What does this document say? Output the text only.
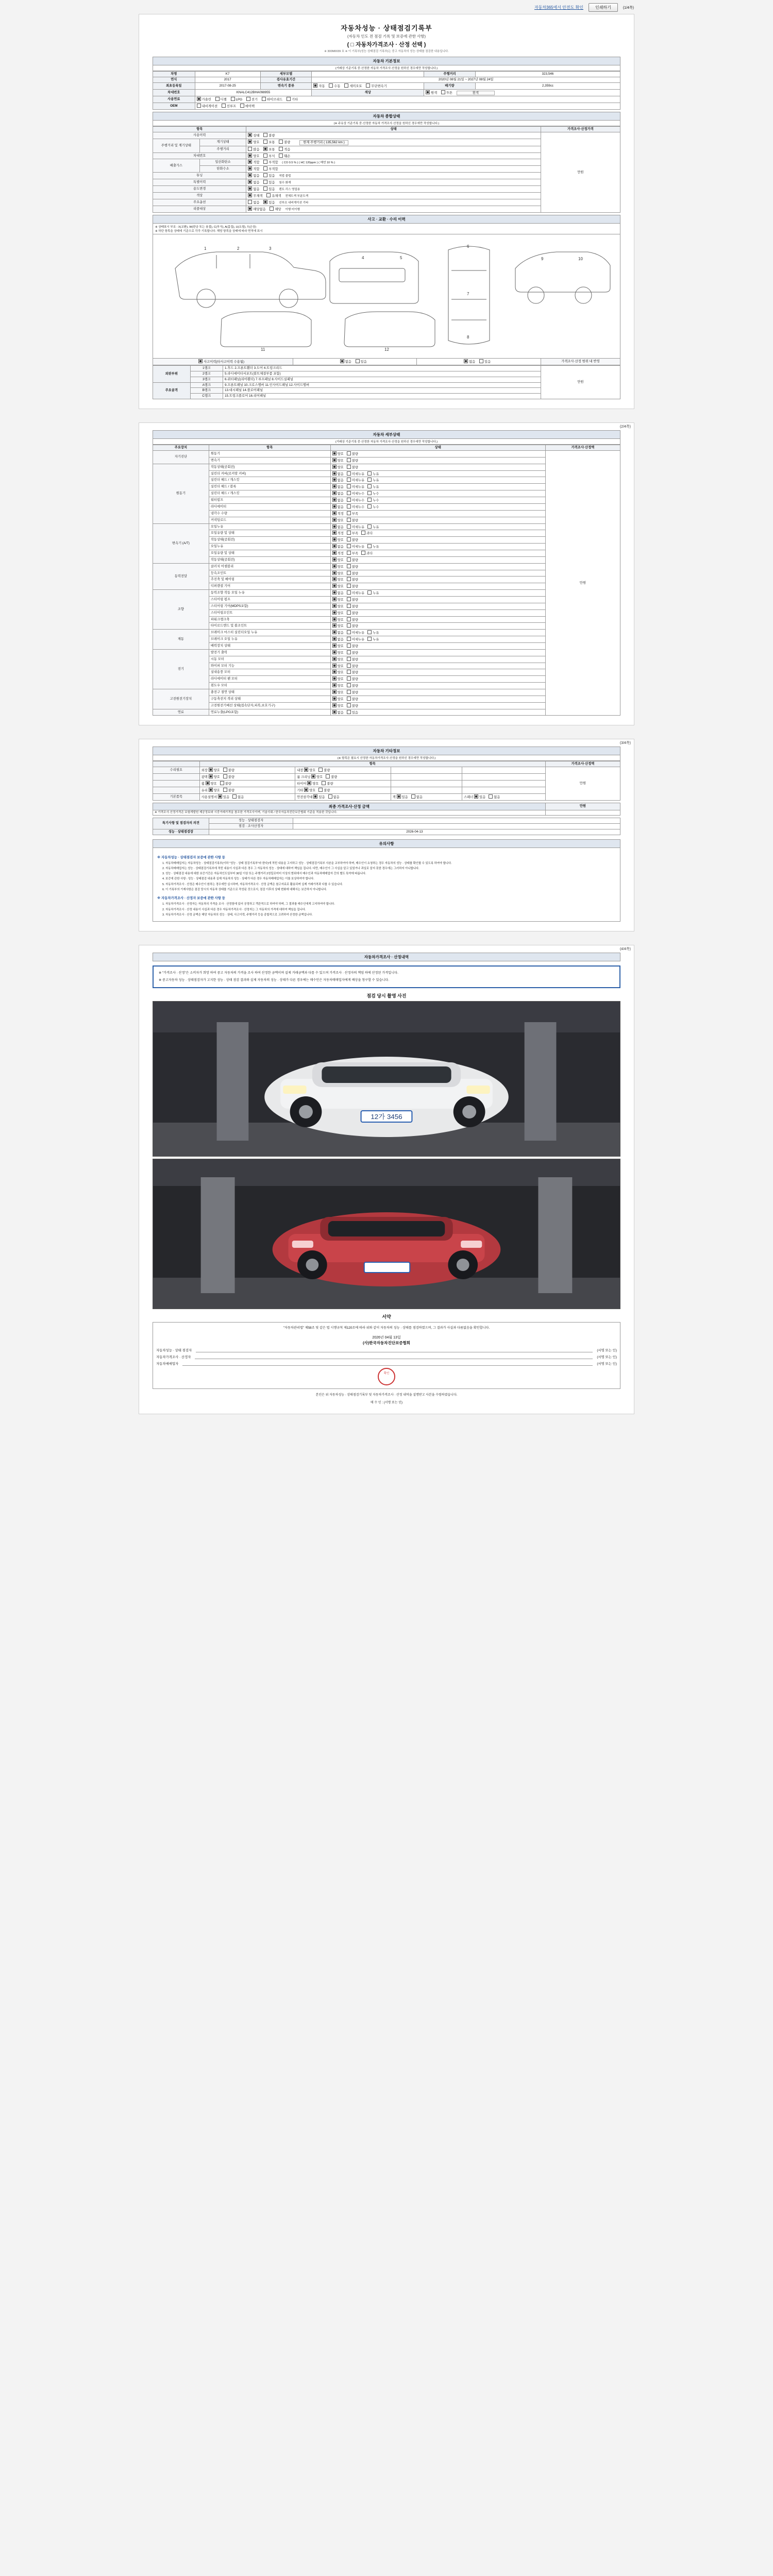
자동차365에서 안전도 확인	인쇄하기	(1/4쪽)
자동차성능 · 상태점검기록부
(자동차 인도 전 점검 기록 및 보증에 관한 사항)
( □ 자동차가격조사 · 산정 선택 )
※ 300M0039 호 ※ 이 기록부(성능·상태점검 기록부)는 중고 자동차의 성능·상태를 점검한 내용입니다.
자동차 기본정보
(거래상 기준기록 중·산정한 자동차 가격조사·산정을 원하신 경우에만 작성합니다.)
차명	K7	세부모델		주행거리	323,546
연식	2017	검사유효기간	2020년 08월 21일 ~ 2027년 08월 24일		
최초등록일	2017-08-25	변속기 종류	자동 수동 세미오토 무단변속기	배기량	2,359cc
차대번호	KNALC412BHA098955		색상	원색 투톤 흰색	
사용연료	가솔린 디젤 LPG 전기 하이브리드 기타				
OEM	내비게이션 선루프 에어백				
자동차 종합상태
(※ 주유상 기준기록 중·산정한 자동차 가격조사·산정을 원하신 경우에만 작성합니다.)
항목		상태	가격조사·산정가격
사용이력		상태 불량	만원
주행거리 및 계기상태	계기상태	양호 보통 불량 현재 주행거리 ( 135,562 km )	
	주행거리	많음 보통 적음	
차대번호		양호 부식 훼손	
배출가스	일산화탄소	적합 부적합 ( CO 0.5 % ) ( HC 120ppm ) ( 매연 10 % )	
	탄화수소	적합 부적합	
튜닝		없음 있음 적법 불법	
특별이력		없음 있음 침수 화재	
용도변경		없음 있음 렌트 리스 영업용	
색상		무채색 유채색 전체도색 부분도색	
주요옵션		없음 있음 선루프 내비게이션 기타	
리콜대상		해당없음 해당 이행 미이행	
사고 · 교환 · 수리 이력
※ 상태표시 부호 : X(교환), W(판금 또는 용접), C(부식), A(흠집), U(요철), T(손상)
※ 하단 항목을 상태에 기준으로 각각 기록합니다. 해당 항목을 상태에 따라 면적에 표시
1	2	3
4	5
6
7
8
9	10
11	12
사고이력(타사고이력 수용됨)	없음	있음	없음	있음	가격조사·산정 범위 내 반영
외판부위	1랭크	1.후드 2.프론트휀더 3.도어 4.트렁크리드	만원
	2랭크	5.라디에이터서포트(볼트체결부품 포함)	
	3랭크	6.쿼터패널(리어휀더) 7.루프패널 8.사이드실패널	
주요골격	A랭크	9.프론트패널 10.크로스멤버 11.인사이드패널 12.사이드멤버	
	B랭크	13.대시패널 14.플로어패널	
	C랭크	15.트렁크플로어 16.리어패널	
(2/4쪽)
자동차 세부상태
(거래상 기준기록 중·산정한 자동차 가격조사·산정을 원하신 경우에만 작성합니다.)
주요장치	항목	상태	가격조사·산정액
자기진단	원동기	양호 불량	만원
	변속기	양호 불량	
원동기	작동상태(공회전)	양호 불량	
	실린더 커버(로커암 커버)	없음 미세누유 누유	
	실린더 헤드 / 개스킷	없음 미세누유 누유	
	실린더 헤드 / 블록	없음 미세누유 누유	
	실린더 헤드 / 개스킷	없음 미세누수 누수	
	워터펌프	없음 미세누수 누수	
	라디에이터	없음 미세누수 누수	
	냉각수 수량	적정 부족	
	커넥팅로드	양호 불량	
변속기 (A/T)	오일누유	없음 미세누유 누유	
	오일유량 및 상태	적정 부족 과다	
	작동상태(공회전)	양호 불량	
	오일누유	없음 미세누유 누유	
	오일유량 및 상태	적정 부족 과다	
	작동상태(공회전)	양호 불량	
동력전달	클러치 어셈블리	양호 불량	
	등속조인트	양호 불량	
	추진축 및 베어링	양호 불량	
	디퍼렌셜 기어	양호 불량	
조향	동력조향 작동 오일 누유	없음 미세누유 누유	
	스티어링 펌프	양호 불량	
	스티어링 기어(MDPS포함)	양호 불량	
	스티어링조인트	양호 불량	
	파워크랭크축	양호 불량	
	타이로드엔드 및 볼조인트	양호 불량	
제동	브레이크 마스터 실린더오일 누유	없음 미세누유 누유	
	브레이크 오일 누유	없음 미세누유 누유	
	배력장치 상태	양호 불량	
전기	발전기 출력	양호 불량	
	시동 모터	양호 불량	
	와이퍼 모터 기능	양호 불량	
	실내송풍 모터	양호 불량	
	라디에이터 팬 모터	양호 불량	
	윈도우 모터	양호 불량	
고전원전기장치	충전구 절연 상태	양호 불량	
	구동축전지 격리 상태	양호 불량	
	고전원전기배선 상태(접속단자,피복,보호기구)	양호 불량	
연료	연료누출(LPG포함)	없음 있음	
(3/4쪽)
자동차 기타정보
(※ 항목은 필요시 산정한 자동차가격조사·산정을 원하신 경우에만 작성합니다.)
	항목				가격조사·산정액
수리필요	외장 양호 불량	내장 양호 불량			만원
	광택 양호 불량	룸 크리닝 양호 불량			
	휠 양호 불량	타이어 양호 불량			
	유리 양호 불량	기타 양호 불량			
기본품목	사용설명서 있음 없음	안전삼각대 있음 없음	잭 있음 없음	스패너 있음 없음	
최종 가격조사·산정 금액	만원
※ 가격조사·산정가격은 보험개발원 제공정보와 시중거래가격을 참조한 가격조사이며, 기술사회 / 한국자동차진단보증협회 기준을 적용한 것입니다.	
특기사항 및 점검자의 의견	성능 · 상태점검자	
	점검 · 조사산정자	
성능 · 상태점검장	2026-04-13	
유의사항
※ 자동차성능 · 상태점검자 보증에 관한 사항 등

1. 자동차매매업자는 자동차성능 · 상태점검기록부(이하 "성능 · 상태 점검기록부"라 한다)에 적힌 내용을 고지하고 성능 · 상태점검기록부 사본을 교부하여야 하며, 매수인이 요청하는 경우 자동차의 성능 · 상태를 확인할 수 있도록 하여야 합니다.

2. 자동차매매업자는 성능 · 상태점검기록부에 적힌 내용이 사실과 다른 경우 그 자동차의 성능 · 상태에 대하여 책임을 집니다. 다만, 매수인이 그 사실을 알고 있었거나 과실로 알지 못한 경우에는 그러하지 아니합니다.

3. 성능 · 상태점검 내용에 대한 보증기간은 자동차인도일부터 30일 이상 또는 주행거리 2천킬로미터 이상의 범위에서 매수인과 자동차매매업자 간의 별도 특약에 따릅니다.

4. 보증에 관한 사항 : 성능 · 상태점검 내용과 실제 자동차의 성능 · 상태가 다른 경우 자동차매매업자는 이를 보상하여야 합니다.

5. 자동차가격조사 · 산정은 매수인이 원하는 경우에만 실시하며, 자동차가격조사 · 산정 금액은 참고자료로 활용되며 실제 거래가격과 다를 수 있습니다.

6. 이 기록부의 기재사항은 점검 당시의 자동차 상태를 기준으로 작성된 것으로서, 점검 이후의 상태 변화에 대해서는 보증하지 아니합니다.

※ 자동차가격조사 · 산정자 보증에 관한 사항 등

1. 자동차가격조사 · 산정자는 자동차의 가격을 조사 · 산정함에 있어 공정하고 객관적으로 하여야 하며, 그 결과를 매수인에게 고지하여야 합니다.

2. 자동차가격조사 · 산정 내용이 사실과 다른 경우 자동차가격조사 · 산정자는 그 자동차의 가격에 대하여 책임을 집니다.

3. 자동차가격조사 · 산정 금액은 해당 자동차의 성능 · 상태, 사고이력, 주행거리 등을 종합적으로 고려하여 산정한 금액입니다.

(4/4쪽)
자동차가격조사 · 산정내역
※ "가격조사 · 산정"은 소비자가 희망 하여 중고 자동차의 가격을 조사 하여 산정한 금액이며 실제 거래금액과 다를 수 있으며 가격조사 · 산정자의 책임 하에 산정된 가격입니다.
※ 중고자동차 성능 · 상태점검자가 고지한 성능 · 상태 점검 결과와 실제 자동차의 성능 · 상태가 다른 경우에는 매수인은 자동차매매업자에게 배상을 청구할 수 있습니다.
점검 당시 촬영 사진
12가 3456
서약
"자동차관리법" 제58조 및 같은 법 시행규칙 제120조에 따라 위와 같이 자동차의 성능 · 상태를 점검하였으며, 그 결과가 사실과 다름없음을 확인합니다.
2026년 04월 13일
(사)한국자동차진단보증협회
자동차성능 · 상태 점검자	(서명 또는 인)
자동차가격조사 · 산정자	(서명 또는 인)
자동차매매업자	(서명 또는 인)
확인
본인은 위 자동차성능 · 상태점검기록부 및 자동차가격조사 · 산정 내역을 설명받고 사본을 수령하였습니다.
매 수 인 : (서명 또는 인)
